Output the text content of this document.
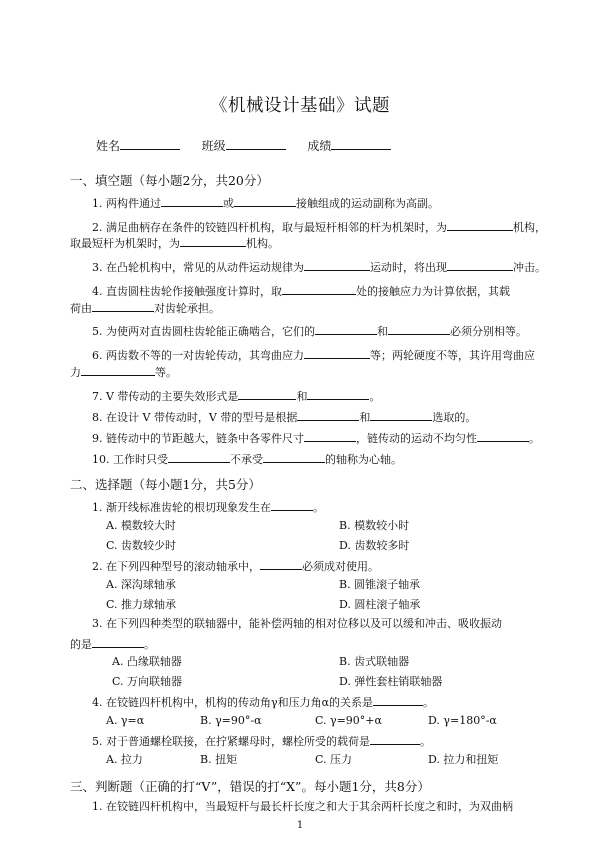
《机械设计基础》试题
姓名	班级	成绩
一、填空题（每小题2分，共20分）
1. 两构件通过	或	接触组成的运动副称为高副。
2. 满足曲柄存在条件的铰链四杆机构，取与最短杆相邻的杆为机架时，为	机构，
取最短杆为机架时，为	机构。
3. 在凸轮机构中，常见的从动件运动规律为	运动时，将出现	冲击。
4. 直齿圆柱齿轮作接触强度计算时，取	处的接触应力为计算依据，其载
荷由	对齿轮承担。
5. 为使两对直齿圆柱齿轮能正确啮合，它们的	和	必须分别相等。
6. 两齿数不等的一对齿轮传动，其弯曲应力	等；两轮硬度不等，其许用弯曲应
力	等。
7. V 带传动的主要失效形式是	和	。
8. 在设计 V 带传动时，V 带的型号是根据	和	选取的。
9. 链传动中的节距越大，链条中各零件尺寸	，链传动的运动不均匀性	。
10. 工作时只受	不承受	的轴称为心轴。
二、选择题（每小题1分，共5分）
1. 渐开线标准齿轮的根切现象发生在	。
A. 模数较大时	B. 模数较小时
C. 齿数较少时	D. 齿数较多时
2. 在下列四种型号的滚动轴承中，	必须成对使用。
A. 深沟球轴承	B. 圆锥滚子轴承
C. 推力球轴承	D. 圆柱滚子轴承
3. 在下列四种类型的联轴器中，能补偿两轴的相对位移以及可以缓和冲击、吸收振动
的是	。
A. 凸缘联轴器	B. 齿式联轴器
C. 万向联轴器	D. 弹性套柱销联轴器
4. 在铰链四杆机构中，机构的传动角γ和压力角α的关系是	。
A. γ=α	B. γ=90°-α	C. γ=90°+α	D. γ=180°-α
5. 对于普通螺栓联接，在拧紧螺母时，螺栓所受的载荷是	。
A. 拉力	B. 扭矩	C. 压力	D. 拉力和扭矩
三、判断题（正确的打“V”，错误的打“X”。每小题1分，共8分）
1. 在铰链四杆机构中，当最短杆与最长杆长度之和大于其余两杆长度之和时，为双曲柄
1
